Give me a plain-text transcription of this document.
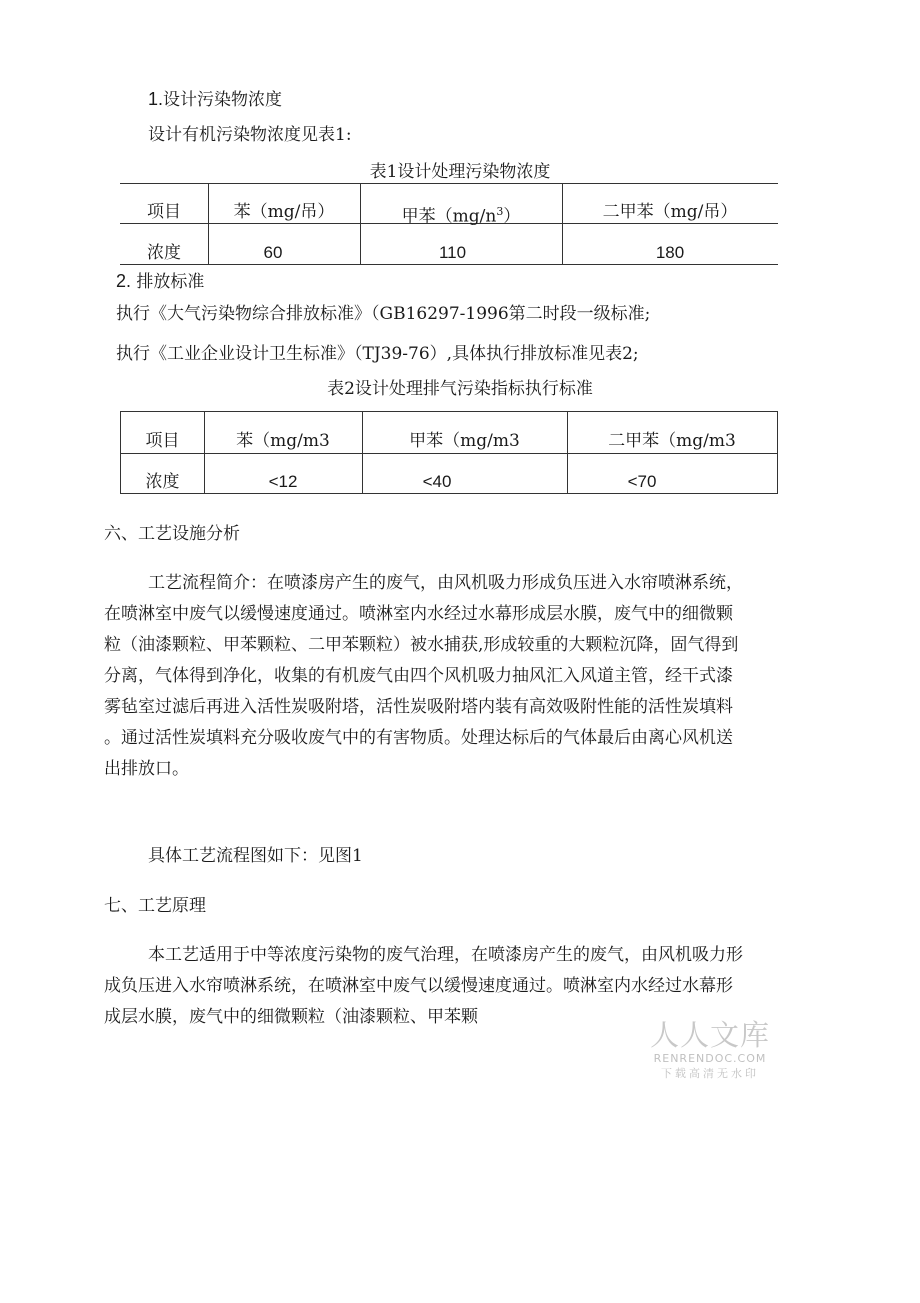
1.设计污染物浓度
设计有机污染物浓度见表1:
表1设计处理污染物浓度
项目	苯（mg/吊）	甲苯$(mg/n^3)$	二甲苯（mg/吊）
浓度	60	110	180
2. 排放标准
执行《大气污染物综合排放标准》（GB16297-1996第二时段一级标准;
执行《工业企业设计卫生标准》（TJ39-76）,具体执行排放标准见表2;
表2设计处理排气污染指标执行标准
项目	苯（mg/m3	甲苯（mg/m3	二甲苯（mg/m3
浓度	<12	<40	<70
六、工艺设施分析
工艺流程简介：在喷漆房产生的废气，由风机吸力形成负压进入水帘喷淋系统，
在喷淋室中废气以缓慢速度通过。喷淋室内水经过水幕形成层水膜，废气中的细微颗
粒（油漆颗粒、甲苯颗粒、二甲苯颗粒）被水捕获,形成较重的大颗粒沉降，固气得到
分离，气体得到净化，收集的有机废气由四个风机吸力抽风汇入风道主管，经干式漆
雾毡室过滤后再进入活性炭吸附塔，活性炭吸附塔内装有高效吸附性能的活性炭填料
。通过活性炭填料充分吸收废气中的有害物质。处理达标后的气体最后由离心风机送
出排放口。
具体工艺流程图如下：见图1
七、工艺原理
本工艺适用于中等浓度污染物的废气治理，在喷漆房产生的废气，由风机吸力形
成负压进入水帘喷淋系统，在喷淋室中废气以缓慢速度通过。喷淋室内水经过水幕形
成层水膜，废气中的细微颗粒（油漆颗粒、甲苯颗
人人文库
RENRENDOC.COM
下载高清无水印
